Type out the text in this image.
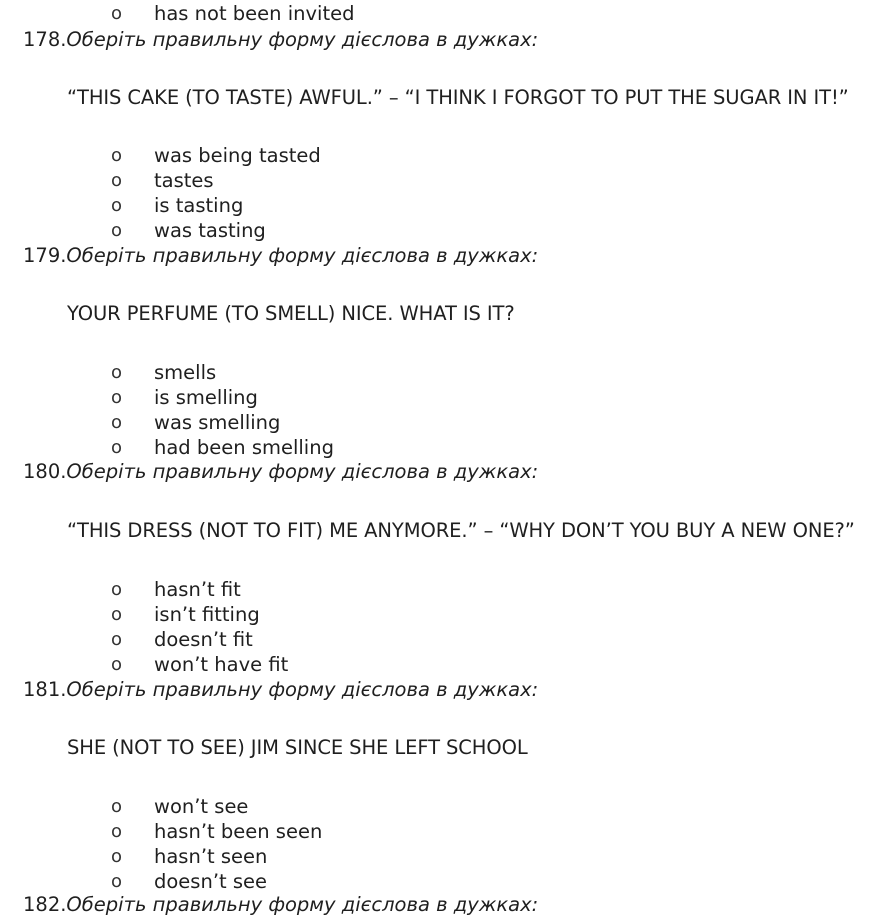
o has not been invited
178.Оберіть правильну форму дієслова в дужках:
“THIS CAKE (TO TASTE) AWFUL.” – “I THINK I FORGOT TO PUT THE SUGAR IN IT!”
o was being tasted
o tastes
o is tasting
o was tasting
179.Оберіть правильну форму дієслова в дужках:
YOUR PERFUME (TO SMELL) NICE. WHAT IS IT?
o smells
o is smelling
o was smelling
o had been smelling
180.Оберіть правильну форму дієслова в дужках:
“THIS DRESS (NOT TO FIT) ME ANYMORE.” – “WHY DON’T YOU BUY A NEW ONE?”
o hasn’t fit
o isn’t fitting
o doesn’t fit
o won’t have fit
181.Оберіть правильну форму дієслова в дужках:
SHE (NOT TO SEE) JIM SINCE SHE LEFT SCHOOL
o won’t see
o hasn’t been seen
o hasn’t seen
o doesn’t see
182.Оберіть правильну форму дієслова в дужках:
